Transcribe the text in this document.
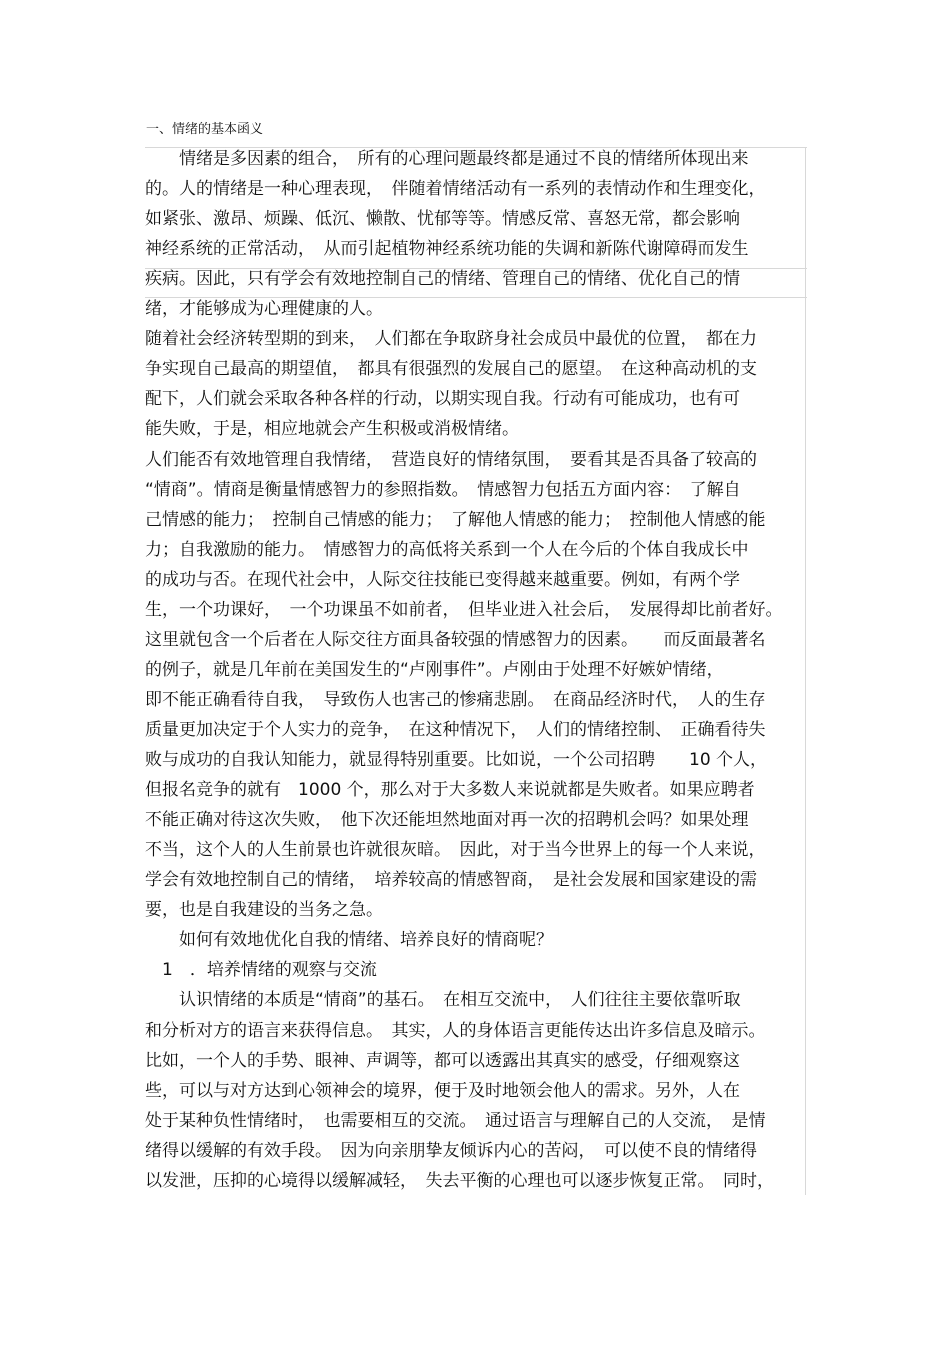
一、情绪的基本函义
　　情绪是多因素的组合，　所有的心理问题最终都是通过不良的情绪所体现出来
的。人的情绪是一种心理表现，　伴随着情绪活动有一系列的表情动作和生理变化，
如紧张、激昂、烦躁、低沉、懒散、忧郁等等。情感反常、喜怒无常，都会影响
神经系统的正常活动，　从而引起植物神经系统功能的失调和新陈代谢障碍而发生
疾病。因此，只有学会有效地控制自己的情绪、管理自己的情绪、优化自己的情
绪，才能够成为心理健康的人。
随着社会经济转型期的到来，　人们都在争取跻身社会成员中最优的位置，　都在力
争实现自己最高的期望值，　都具有很强烈的发展自己的愿望。　在这种高动机的支
配下，人们就会采取各种各样的行动，以期实现自我。行动有可能成功，也有可
能失败，于是，相应地就会产生积极或消极情绪。
人们能否有效地管理自我情绪，　营造良好的情绪氛围，　要看其是否具备了较高的
“情商”。情商是衡量情感智力的参照指数。　情感智力包括五方面内容：　了解自
己情感的能力；　控制自己情感的能力；　了解他人情感的能力；　控制他人情感的能
力；自我激励的能力。　情感智力的高低将关系到一个人在今后的个体自我成长中
的成功与否。在现代社会中，人际交往技能已变得越来越重要。例如，有两个学
生，一个功课好，　一个功课虽不如前者，　但毕业进入社会后，　发展得却比前者好。
这里就包含一个后者在人际交往方面具备较强的情感智力的因素。　　而反面最著名
的例子，就是几年前在美国发生的“卢刚事件”。卢刚由于处理不好嫉妒情绪，
即不能正确看待自我，　导致伤人也害己的惨痛悲剧。　在商品经济时代，　人的生存
质量更加决定于个人实力的竞争，　在这种情况下，　人们的情绪控制、　正确看待失
败与成功的自我认知能力，就显得特别重要。比如说，一个公司招聘　　10 个人，
但报名竞争的就有　1000 个，那么对于大多数人来说就都是失败者。如果应聘者
不能正确对待这次失败，　他下次还能坦然地面对再一次的招聘机会吗？如果处理
不当，这个人的人生前景也许就很灰暗。　因此，对于当今世界上的每一个人来说，
学会有效地控制自己的情绪，　培养较高的情感智商，　是社会发展和国家建设的需
要，也是自我建设的当务之急。
　　如何有效地优化自我的情绪、培养良好的情商呢？
　1　．培养情绪的观察与交流
　　认识情绪的本质是“情商”的基石。　在相互交流中，　人们往往主要依靠听取
和分析对方的语言来获得信息。　其实，人的身体语言更能传达出许多信息及暗示。
比如，一个人的手势、眼神、声调等，都可以透露出其真实的感受，仔细观察这
些，可以与对方达到心领神会的境界，便于及时地领会他人的需求。另外，人在
处于某种负性情绪时，　也需要相互的交流。　通过语言与理解自己的人交流，　是情
绪得以缓解的有效手段。　因为向亲朋挚友倾诉内心的苦闷，　可以使不良的情绪得
以发泄，压抑的心境得以缓解减轻，　失去平衡的心理也可以逐步恢复正常。　同时，
